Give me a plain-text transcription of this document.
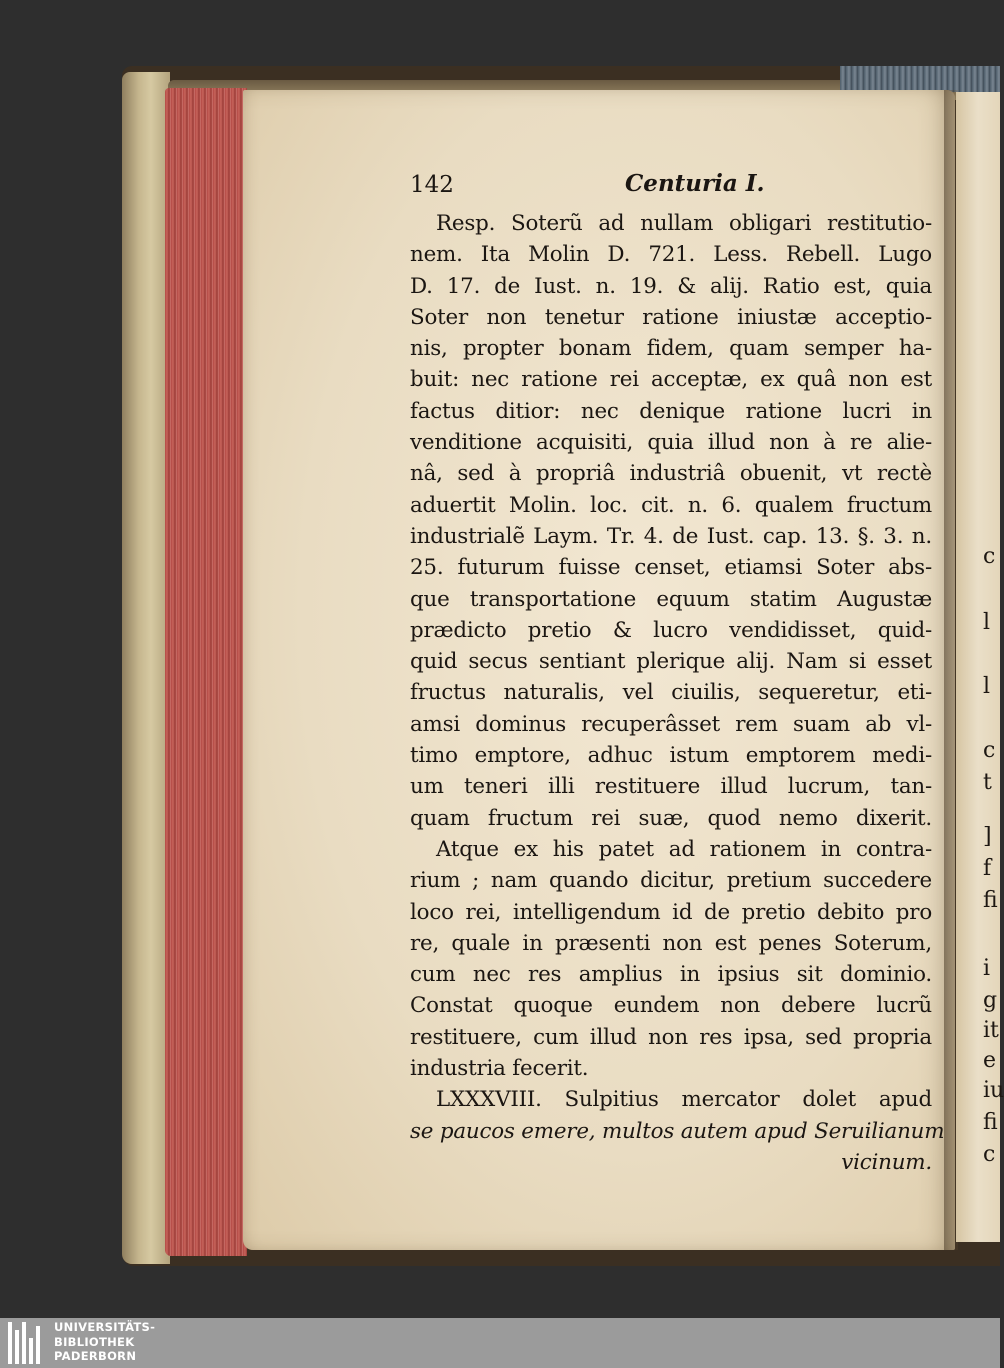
c
l
l
c
t
]
f
fi
i
g
it
e
iu
fi
c
142	Centuria I.
Resp. Soterũ ad nullam obligari restitutio-
nem. Ita Molin D. 721. Less. Rebell. Lugo
D. 17. de Iust. n. 19. & alij. Ratio est, quia
Soter non tenetur ratione iniustæ acceptio-
nis, propter bonam fidem, quam semper ha-
buit: nec ratione rei acceptæ, ex quâ non est
factus ditior: nec denique ratione lucri in
venditione acquisiti, quia illud non à re alie-
nâ, sed à propriâ industriâ obuenit, vt rectè
aduertit Molin. loc. cit. n. 6. qualem fructum
industrialẽ Laym. Tr. 4. de Iust. cap. 13. §. 3. n.
25. futurum fuisse censet, etiamsi Soter abs-
que transportatione equum statim Augustæ
prædicto pretio & lucro vendidisset, quid-
quid secus sentiant plerique alij. Nam si esset
fructus naturalis, vel ciuilis, sequeretur, eti-
amsi dominus recuperâsset rem suam ab vl-
timo emptore, adhuc istum emptorem medi-
um teneri illi restituere illud lucrum, tan-
quam fructum rei suæ, quod nemo dixerit.
Atque ex his patet ad rationem in contra-
rium ; nam quando dicitur, pretium succedere
loco rei, intelligendum id de pretio debito pro
re, quale in præsenti non est penes Soterum,
cum nec res amplius in ipsius sit dominio.
Constat quoque eundem non debere lucrũ
restituere, cum illud non res ipsa, sed propria
industria fecerit.
LXXXVIII. Sulpitius mercator dolet apud
se paucos emere, multos autem apud Seruilianum
vicinum.
UNIVERSITÄTS-
BIBLIOTHEK
PADERBORN
